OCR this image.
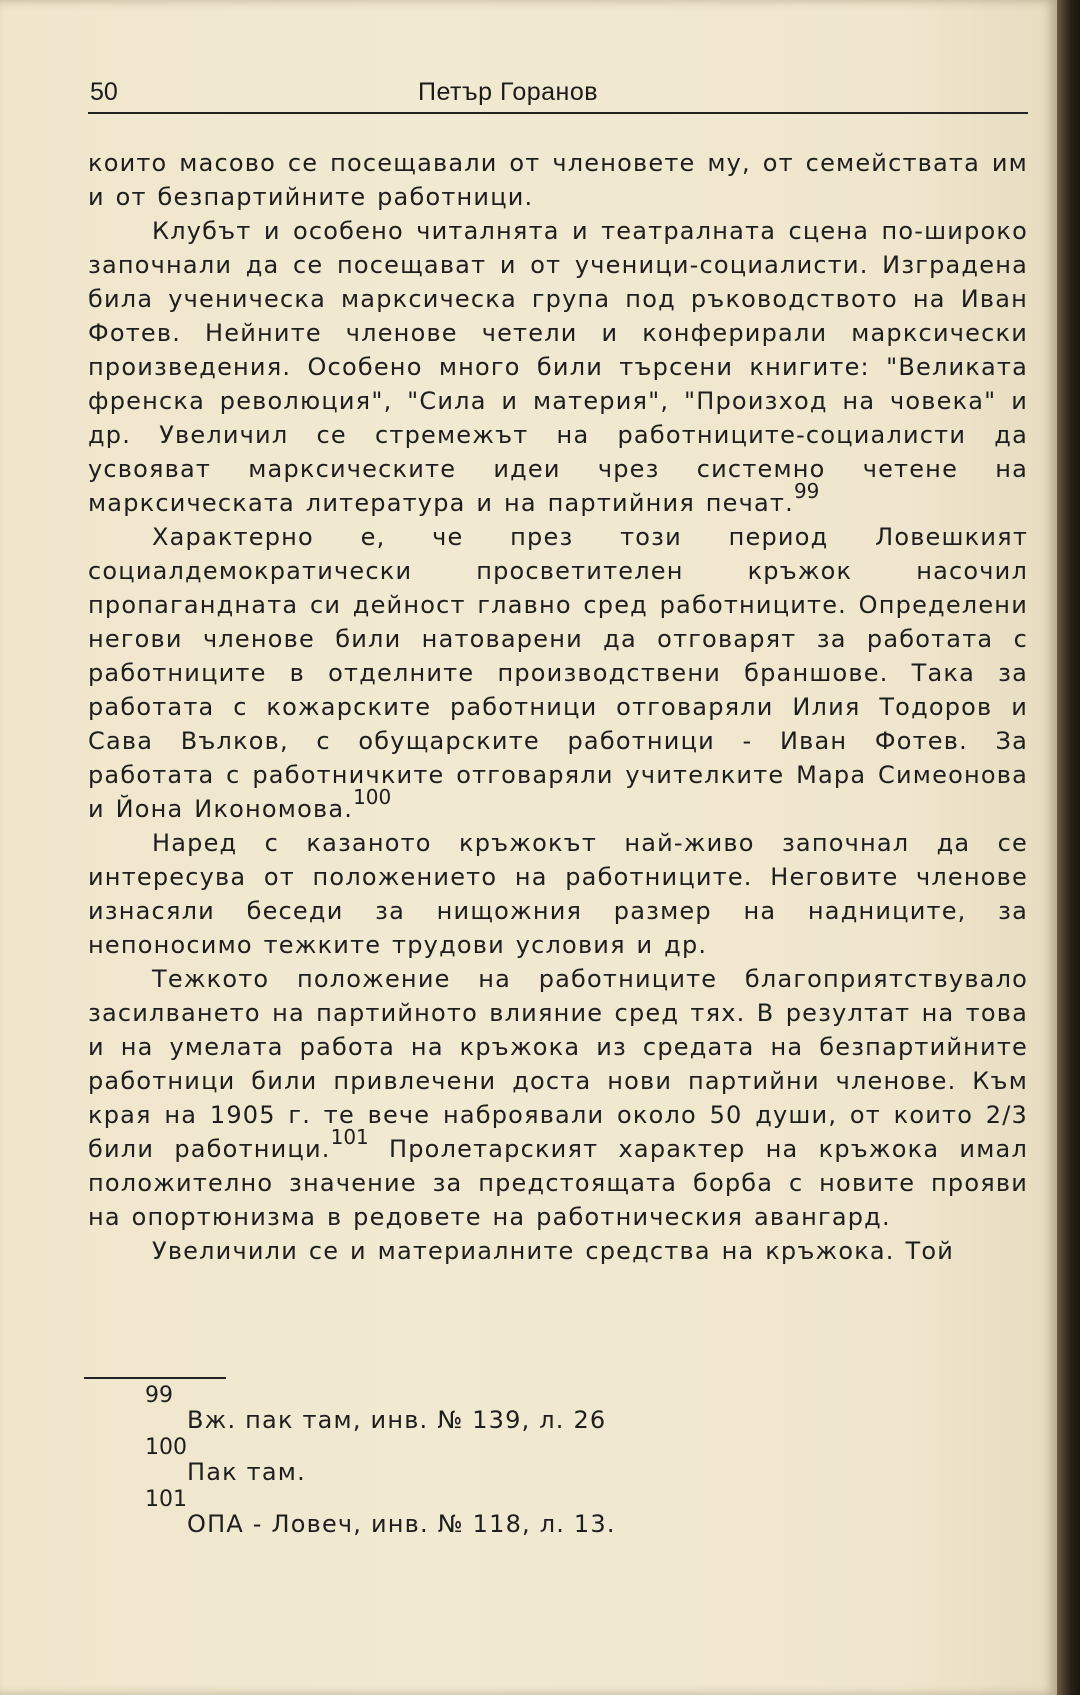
50	Петър Горанов

които масово се посещавали от членовете му, от семействата им и от безпартийните работници.

Клубът и особено читалнята и театралната сцена по-широко започнали да се посещават и от ученици-социалисти. Изградена била ученическа марксическа група под ръководството на Иван Фотев. Нейните членове четели и конферирали марксически произведения. Особено много били търсени книгите: "Великата френска революция", "Сила и материя", "Произход на човека" и др. Увеличил се стремежът на работниците-социалисти да усвояват марксическите идеи чрез системно четене на марксическата литература и на партийния печат.$^{99}$

Характерно е, че през този период Ловешкият социалдемократически просветителен кръжок насочил пропагандната си дейност главно сред работниците. Определени негови членове били натоварени да отговарят за работата с работниците в отделните производствени браншове. Така за работата с кожарските работници отговаряли Илия Тодоров и Сава Вълков, с обущарските работници - Иван Фотев. За работата с работничките отговаряли учителките Мара Симеонова и Йона Икономова.$^{100}$

Наред с казаното кръжокът най-живо започнал да се интересува от положението на работниците. Неговите членове изнасяли беседи за нищожния размер на надниците, за непоносимо тежките трудови условия и др.

Тежкото положение на работниците благоприятствувало засилването на партийното влияние сред тях. В резултат на това и на умелата работа на кръжока из средата на безпартийните работници били привлечени доста нови партийни членове. Към края на 1905 г. те вече наброявали около 50 души, от които 2/3 били работници.$^{101}$ Пролетарският характер на кръжока имал положително значение за предстоящата борба с новите прояви на опортюнизма в редовете на работническия авангард.

Увеличили се и материалните средства на кръжока. Той

99
Вж. пак там, инв. № 139, л. 26
100
Пак там.
101
ОПА - Ловеч, инв. № 118, л. 13.
